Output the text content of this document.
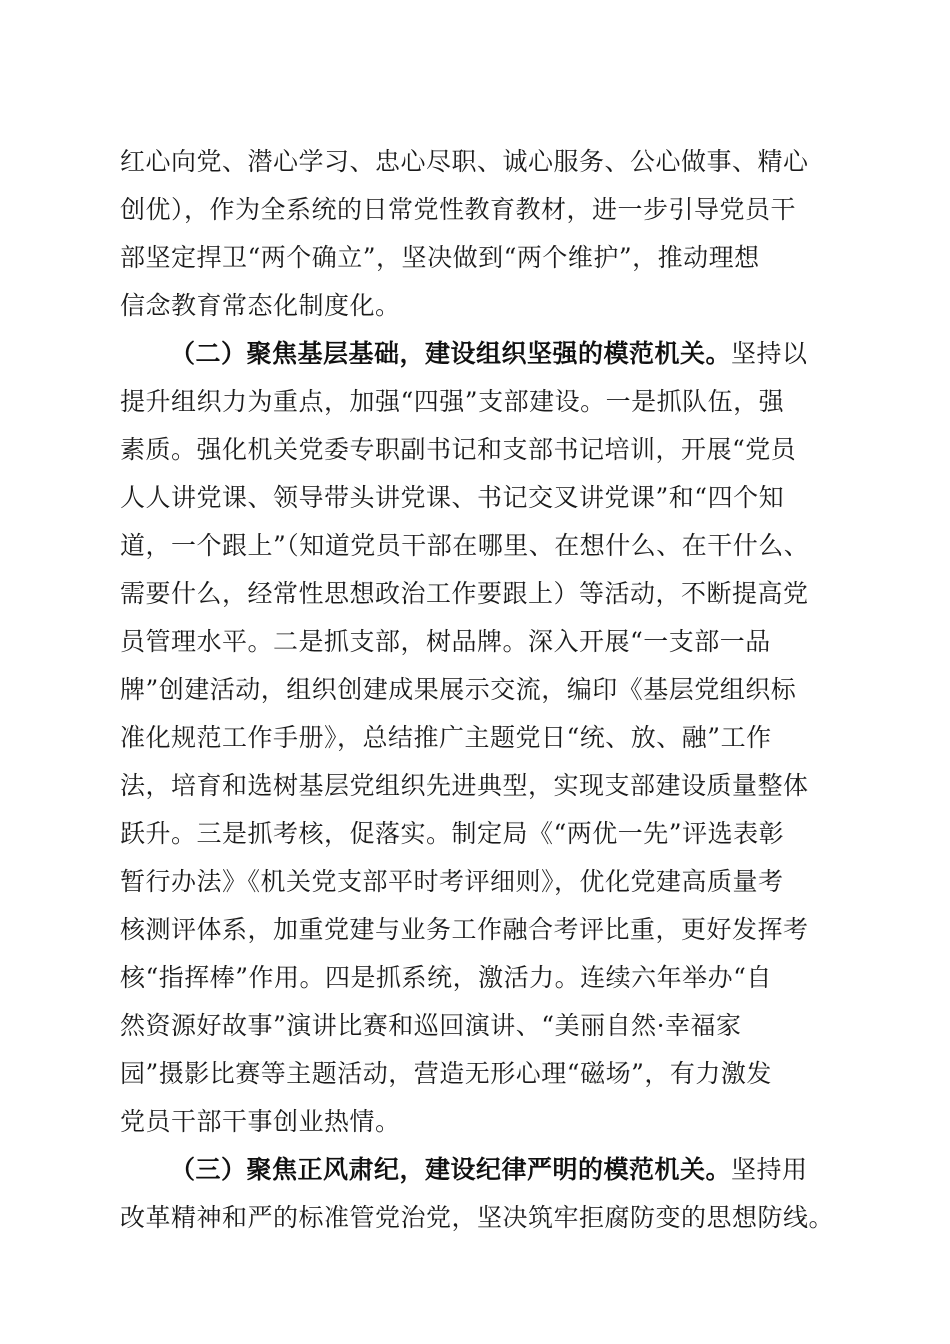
红心向党、潜心学习、忠心尽职、诚心服务、公心做事、精心
创优），作为全系统的日常党性教育教材，进一步引导党员干
部坚定捍卫“两个确立”，坚决做到“两个维护”，推动理想
信念教育常态化制度化。
（二）聚焦基层基础，建设组织坚强的模范机关。坚持以
提升组织力为重点，加强“四强”支部建设。一是抓队伍，强
素质。强化机关党委专职副书记和支部书记培训，开展“党员
人人讲党课、领导带头讲党课、书记交叉讲党课”和“四个知
道，一个跟上”（知道党员干部在哪里、在想什么、在干什么、
需要什么，经常性思想政治工作要跟上）等活动，不断提高党
员管理水平。二是抓支部，树品牌。深入开展“一支部一品
牌”创建活动，组织创建成果展示交流，编印《基层党组织标
准化规范工作手册》，总结推广主题党日“统、放、融”工作
法，培育和选树基层党组织先进典型，实现支部建设质量整体
跃升。三是抓考核，促落实。制定局《“两优一先”评选表彰
暂行办法》《机关党支部平时考评细则》，优化党建高质量考
核测评体系，加重党建与业务工作融合考评比重，更好发挥考
核“指挥棒”作用。四是抓系统，激活力。连续六年举办“自
然资源好故事”演讲比赛和巡回演讲、“美丽自然·幸福家
园”摄影比赛等主题活动，营造无形心理“磁场”，有力激发
党员干部干事创业热情。
（三）聚焦正风肃纪，建设纪律严明的模范机关。坚持用
改革精神和严的标准管党治党，坚决筑牢拒腐防变的思想防线。
